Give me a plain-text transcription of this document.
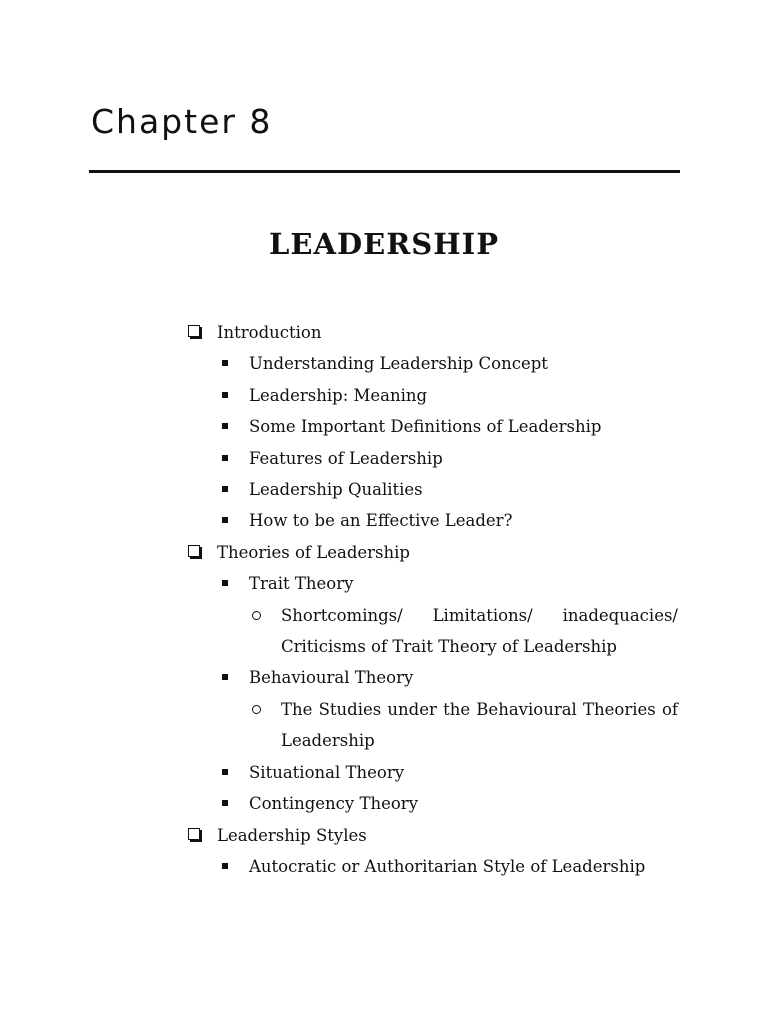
Chapter 8
LEADERSHIP
Introduction
Understanding Leadership Concept
Leadership: Meaning
Some Important Definitions of Leadership
Features of Leadership
Leadership Qualities
How to be an Effective Leader?
Theories of Leadership
Trait Theory
Shortcomings/ Limitations/ inadequacies/ Criticisms of Trait Theory of Leadership
Behavioural Theory
The Studies under the Behavioural Theories of Leadership
Situational Theory
Contingency Theory
Leadership Styles
Autocratic or Authoritarian Style of Leadership
